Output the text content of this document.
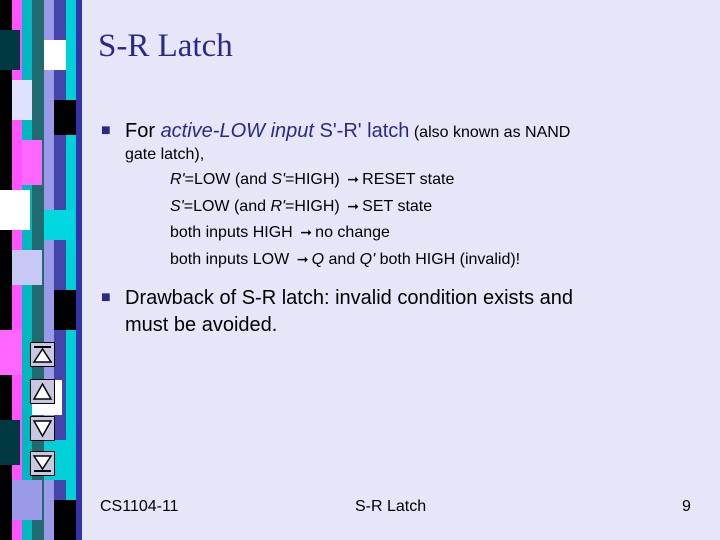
S-R Latch
■ For active-LOW input S'-R' latch (also known as NAND
gate latch),
R'=LOW (and S'=HIGH) ➞ RESET state
S'=LOW (and R'=HIGH) ➞ SET state
both inputs HIGH ➞ no change
both inputs LOW ➞ Q and Q' both HIGH (invalid)!
■ Drawback of S-R latch: invalid condition exists and
must be avoided.
CS1104-11	S-R Latch	9
